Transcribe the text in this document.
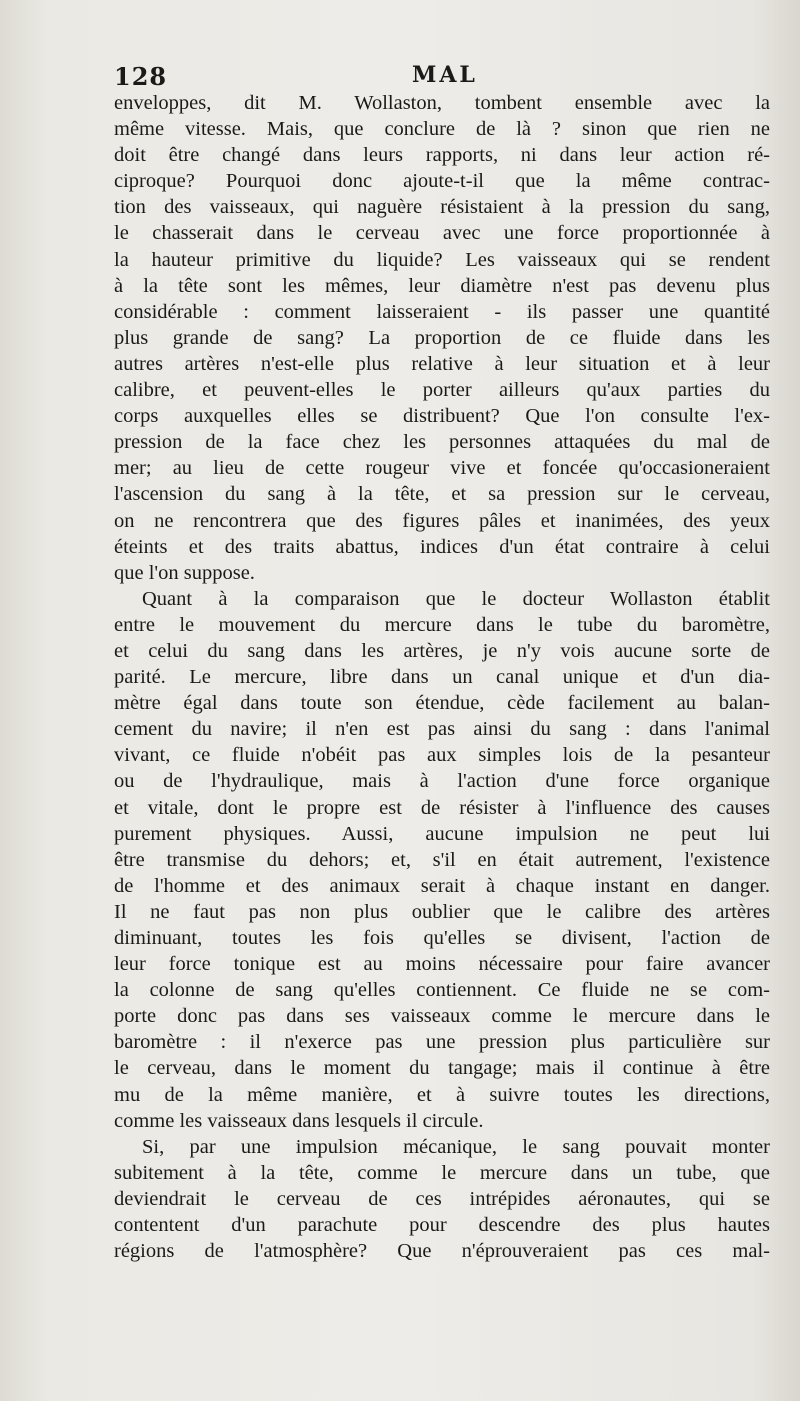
128	MAL
enveloppes, dit M. Wollaston, tombent ensemble avec la
même vitesse. Mais, que conclure de là ? sinon que rien ne
doit être changé dans leurs rapports, ni dans leur action ré-
ciproque? Pourquoi donc ajoute-t-il que la même contrac-
tion des vaisseaux, qui naguère résistaient à la pression du sang,
le chasserait dans le cerveau avec une force proportionnée à
la hauteur primitive du liquide? Les vaisseaux qui se rendent
à la tête sont les mêmes, leur diamètre n'est pas devenu plus
considérable : comment laisseraient - ils passer une quantité
plus grande de sang? La proportion de ce fluide dans les
autres artères n'est-elle plus relative à leur situation et à leur
calibre, et peuvent-elles le porter ailleurs qu'aux parties du
corps auxquelles elles se distribuent? Que l'on consulte l'ex-
pression de la face chez les personnes attaquées du mal de
mer; au lieu de cette rougeur vive et foncée qu'occasioneraient
l'ascension du sang à la tête, et sa pression sur le cerveau,
on ne rencontrera que des figures pâles et inanimées, des yeux
éteints et des traits abattus, indices d'un état contraire à celui
que l'on suppose.
Quant à la comparaison que le docteur Wollaston établit
entre le mouvement du mercure dans le tube du baromètre,
et celui du sang dans les artères, je n'y vois aucune sorte de
parité. Le mercure, libre dans un canal unique et d'un dia-
mètre égal dans toute son étendue, cède facilement au balan-
cement du navire; il n'en est pas ainsi du sang : dans l'animal
vivant, ce fluide n'obéit pas aux simples lois de la pesanteur
ou de l'hydraulique, mais à l'action d'une force organique
et vitale, dont le propre est de résister à l'influence des causes
purement physiques. Aussi, aucune impulsion ne peut lui
être transmise du dehors; et, s'il en était autrement, l'existence
de l'homme et des animaux serait à chaque instant en danger.
Il ne faut pas non plus oublier que le calibre des artères
diminuant, toutes les fois qu'elles se divisent, l'action de
leur force tonique est au moins nécessaire pour faire avancer
la colonne de sang qu'elles contiennent. Ce fluide ne se com-
porte donc pas dans ses vaisseaux comme le mercure dans le
baromètre : il n'exerce pas une pression plus particulière sur
le cerveau, dans le moment du tangage; mais il continue à être
mu de la même manière, et à suivre toutes les directions,
comme les vaisseaux dans lesquels il circule.
Si, par une impulsion mécanique, le sang pouvait monter
subitement à la tête, comme le mercure dans un tube, que
deviendrait le cerveau de ces intrépides aéronautes, qui se
contentent d'un parachute pour descendre des plus hautes
régions de l'atmosphère? Que n'éprouveraient pas ces mal-
